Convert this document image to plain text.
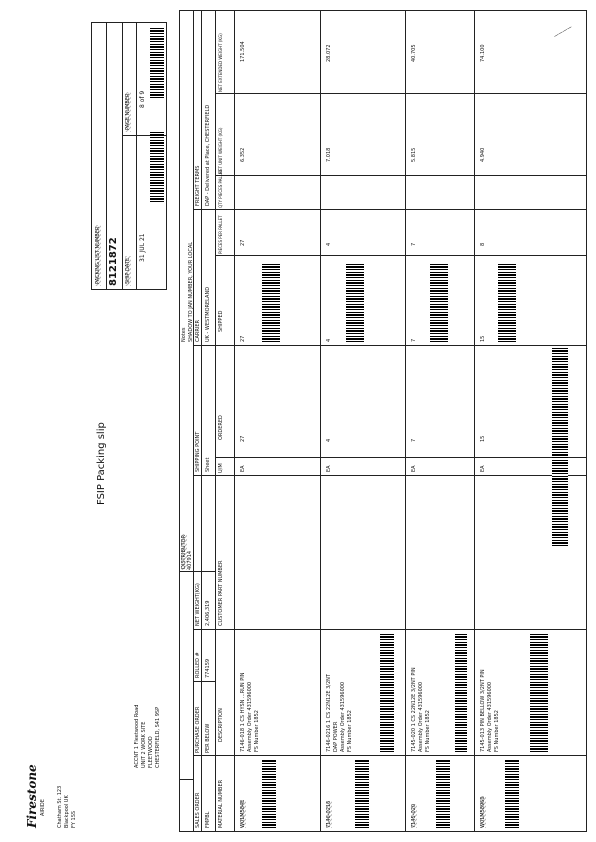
FSIP Packing slip
Firestone AIRIDE Chatham St. 123 Blackpool UK FY 1SS
ACCNT 1 Fleetwood Road UNIT 2 WORK SITE FLEETWOOD CHESTERFIELD, S41 9SP
PACKING LIST NUMBER 8121872 SHIP DATE
31 JUL 21
PAGE NUMBER 8 of 9
DISTRIBUTOR 407914
Notes SHADOW TO JAN NUMBER, YOUR LOCAL
SALES ORDER FMPBL
PURCHASE ORDER PER BELOW
ROLLED # 774159
NET WEIGHT(KG) 2,406,319
SHIPPING POINT Sheet
CARRIER UK - WESTMORELAND
FREIGHT TERMS DAP - Delivered at Place, CHESTERFIELD
MATERIAL NUMBER
DESCRIPTION
CUSTOMER PART NUMBER
U/M
ORDERED
SHIPPED
PIECES PER PALLET
QTY PIECES PALLET
NET UNIT WEIGHT (KG)
NET EXTENDED WEIGHT (KG)
W01M584E
7146-018 1 CS HYSN ...RUN PIN Assembly Order 431596000 FS Number 1852
EA
27
27
27
6.352
171.504
7146-0216
7146-0216 1 CS 22N12E 3/2NT DAP POWER Assembly Order 431596000 FS Number 1852
EA
4
4
4
7.018
28.072
7145-020
7145-020 1 CS 22N12E 3/2NT PIN Assembly Order 431596000 FS Number 1852
EA
7
7
7
5.815
40.705
W01M58960
7145-013 PIN BELLOW 3/2NT PIN Assembly Order 431596000 FS Number 1852
EA
15
15
8
4.940
74.100
————
